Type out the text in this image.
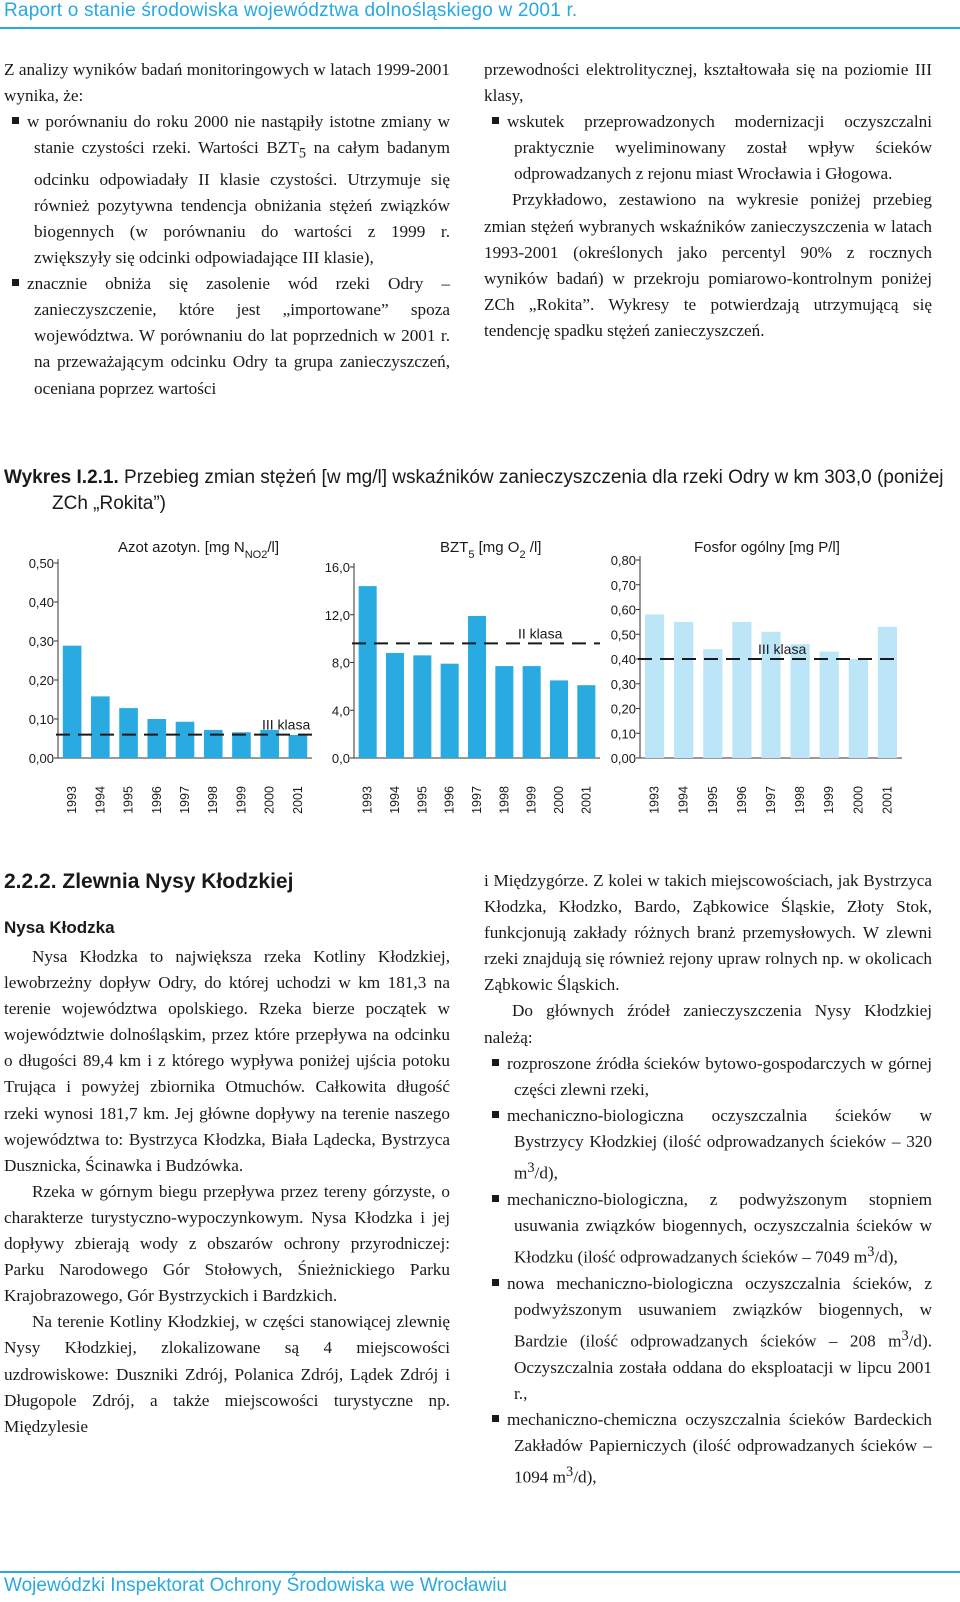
Raport o stanie środowiska województwa dolnośląskiego w 2001 r.

Z analizy wyników badań monitoringowych w latach 1999-2001 wynika, że:

w porównaniu do roku 2000 nie nastąpiły istotne zmiany w stanie czystości rzeki. Wartości $BZT_5$ na całym badanym odcinku odpowiadały II klasie czystości. Utrzymuje się również pozytywna tendencja obniżania stężeń związków biogennych (w porównaniu do wartości z 1999 r. zwiększyły się odcinki odpowiadające III klasie),

znacznie obniża się zasolenie wód rzeki Odry – zanieczyszczenie, które jest „importowane” spoza województwa. W porównaniu do lat poprzednich w 2001 r. na przeważającym odcinku Odry ta grupa zanieczyszczeń, oceniana poprzez wartości

przewodności elektrolitycznej, kształtowała się na poziomie III klasy,

wskutek przeprowadzonych modernizacji oczyszczalni praktycznie wyeliminowany został wpływ ścieków odprowadzanych z rejonu miast Wrocławia i Głogowa.

Przykładowo, zestawiono na wykresie poniżej przebieg zmian stężeń wybranych wskaźników zanieczyszczenia w latach 1993-2001 (określonych jako percentyl 90% z rocznych wyników badań) w przekroju pomiarowo-kontrolnym poniżej ZCh „Rokita”. Wykresy te potwierdzają utrzymującą się tendencję spadku stężeń zanieczyszczeń.

Wykres I.2.1. Przebieg zmian stężeń [w mg/l] wskaźników zanieczyszczenia dla rzeki Odry w km 303,0 (poniżej
ZCh „Rokita”)
Azot azotyn. [mg $N_{NO2}/l$]
0,00
0,10
0,20
0,30
0,40
0,50
1993 1994 1995 1996 1997 1998 1999 2000 2001
III klasa
$BZT_5$ [mg $O_2$ /l]
0,0
4,0
8,0
12,0
16,0
1993 1994 1995 1996 1997 1998 1999 2000 2001
II klasa
Fosfor ogólny [mg P/l]
0,00
0,10
0,20
0,30
0,40
0,50
0,60
0,70
0,80
1993 1994 1995 1996 1997 1998 1999 2000 2001
III klasa
2.2.2. Zlewnia Nysy Kłodzkiej
Nysa Kłodzka

Nysa Kłodzka to największa rzeka Kotliny Kłodzkiej, lewobrzeżny dopływ Odry, do której uchodzi w km 181,3 na terenie województwa opolskiego. Rzeka bierze początek w województwie dolnośląskim, przez które przepływa na odcinku o długości 89,4 km i z którego wypływa poniżej ujścia potoku Trująca i powyżej zbiornika Otmuchów. Całkowita długość rzeki wynosi 181,7 km. Jej główne dopływy na terenie naszego województwa to: Bystrzyca Kłodzka, Biała Lądecka, Bystrzyca Dusznicka, Ścinawka i Budzówka.

Rzeka w górnym biegu przepływa przez tereny górzyste, o charakterze turystyczno-wypoczynkowym. Nysa Kłodzka i jej dopływy zbierają wody z obszarów ochrony przyrodniczej: Parku Narodowego Gór Stołowych, Śnieżnickiego Parku Krajobrazowego, Gór Bystrzyckich i Bardzkich.

Na terenie Kotliny Kłodzkiej, w części stanowiącej zlewnię Nysy Kłodzkiej, zlokalizowane są 4 miejscowości uzdrowiskowe: Duszniki Zdrój, Polanica Zdrój, Lądek Zdrój i Długopole Zdrój, a także miejscowości turystyczne np. Międzylesie

i Międzygórze. Z kolei w takich miejscowościach, jak Bystrzyca Kłodzka, Kłodzko, Bardo, Ząbkowice Śląskie, Złoty Stok, funkcjonują zakłady różnych branż przemysłowych. W zlewni rzeki znajdują się również rejony upraw rolnych np. w okolicach Ząbkowic Śląskich.

Do głównych źródeł zanieczyszczenia Nysy Kłodzkiej należą:

rozproszone źródła ścieków bytowo-gospodarczych w górnej części zlewni rzeki,

mechaniczno-biologiczna oczyszczalnia ścieków w Bystrzycy Kłodzkiej (ilość odprowadzanych ścieków – 320 $m^3/d$),

mechaniczno-biologiczna, z podwyższonym stopniem usuwania związków biogennych, oczyszczalnia ścieków w Kłodzku (ilość odprowadzanych ścieków – 7049 $m^3/d$),

nowa mechaniczno-biologiczna oczyszczalnia ścieków, z podwyższonym usuwaniem związków biogennych, w Bardzie (ilość odprowadzanych ścieków – 208 $m^3/d$). Oczyszczalnia została oddana do eksploatacji w lipcu 2001 r.,

mechaniczno-chemiczna oczyszczalnia ścieków Bardeckich Zakładów Papierniczych (ilość odprowadzanych ścieków – 1094 $m^3/d$),

Wojewódzki Inspektorat Ochrony Środowiska we Wrocławiu
